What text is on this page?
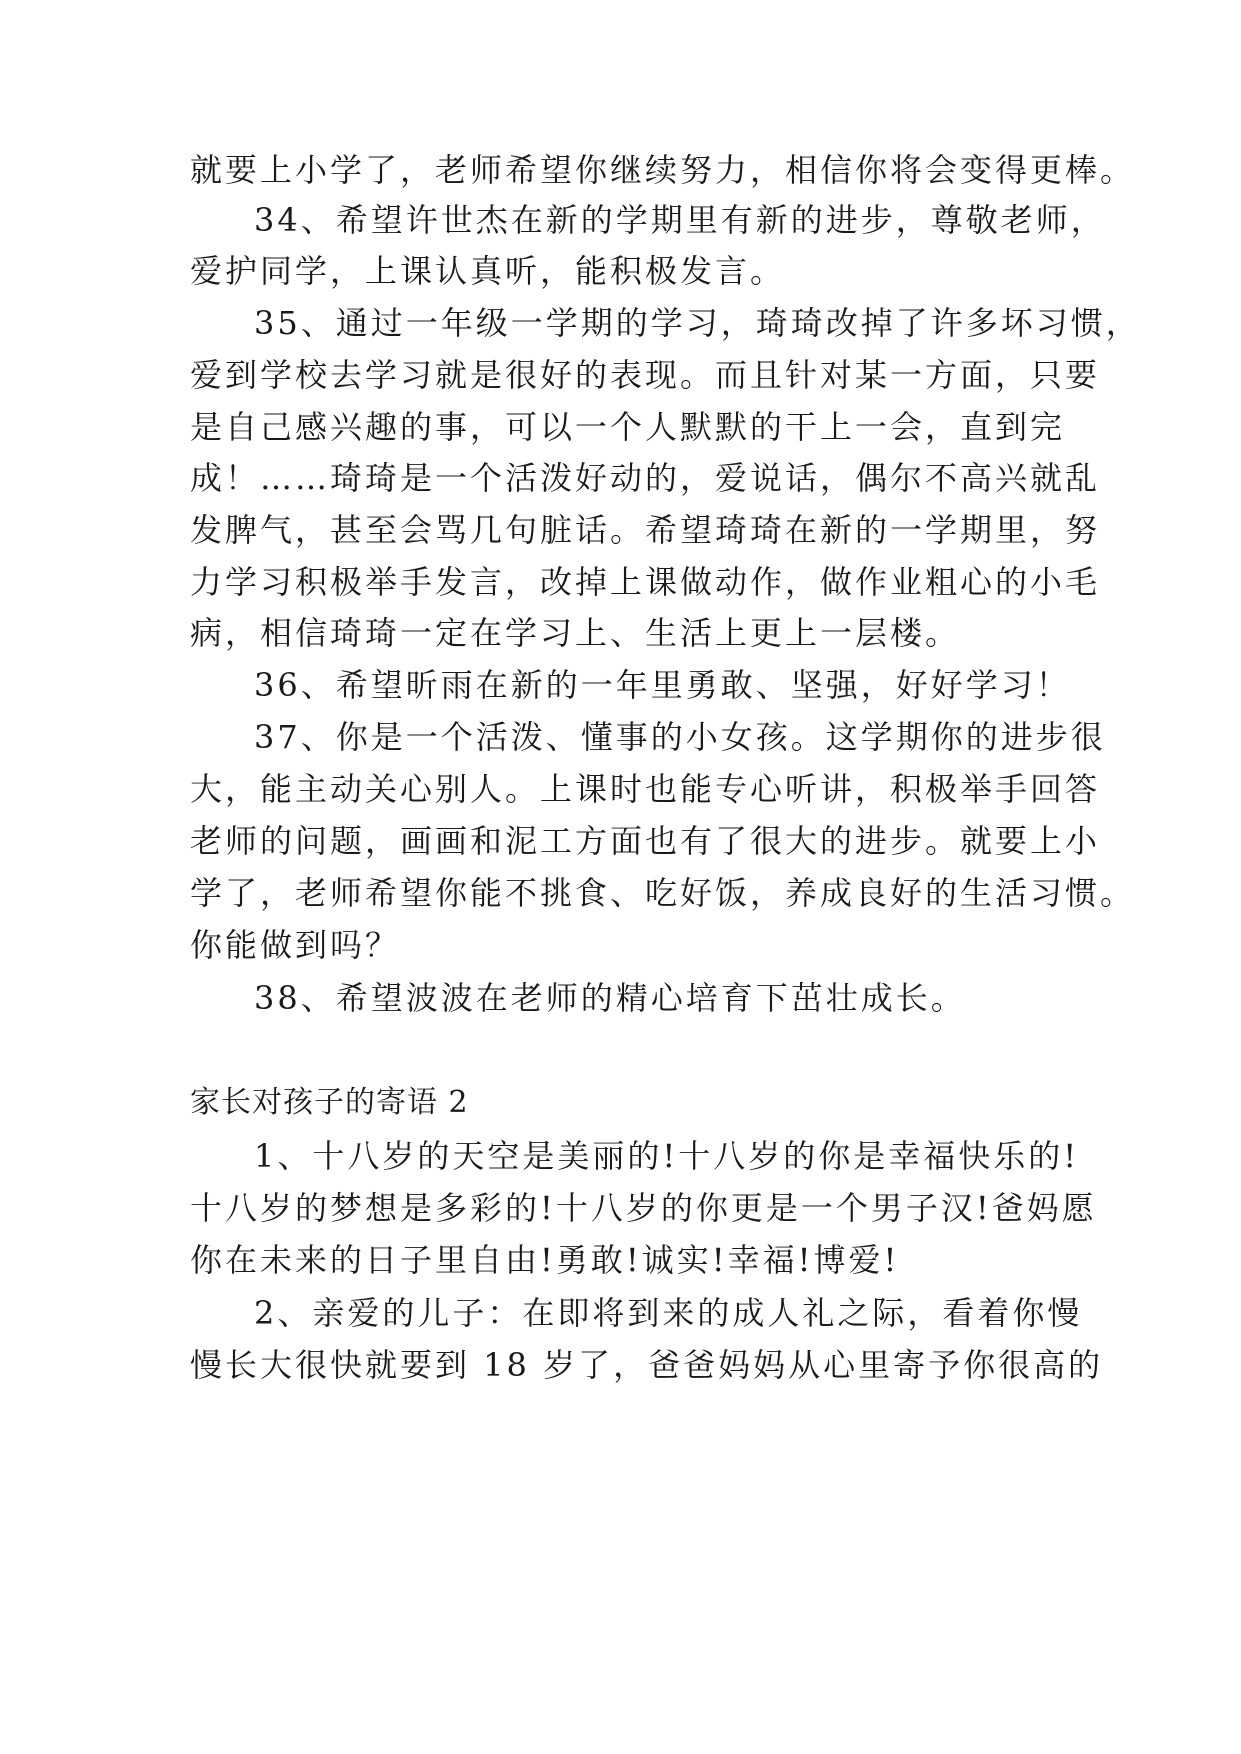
就要上小学了，老师希望你继续努力，相信你将会变得更棒。
34、希望许世杰在新的学期里有新的进步，尊敬老师，
爱护同学，上课认真听，能积极发言。
35、通过一年级一学期的学习，琦琦改掉了许多坏习惯，
爱到学校去学习就是很好的表现。而且针对某一方面，只要
是自己感兴趣的事，可以一个人默默的干上一会，直到完
成！……琦琦是一个活泼好动的，爱说话，偶尔不高兴就乱
发脾气，甚至会骂几句脏话。希望琦琦在新的一学期里，努
力学习积极举手发言，改掉上课做动作，做作业粗心的小毛
病，相信琦琦一定在学习上、生活上更上一层楼。
36、希望昕雨在新的一年里勇敢、坚强，好好学习！
37、你是一个活泼、懂事的小女孩。这学期你的进步很
大，能主动关心别人。上课时也能专心听讲，积极举手回答
老师的问题，画画和泥工方面也有了很大的进步。就要上小
学了，老师希望你能不挑食、吃好饭，养成良好的生活习惯。
你能做到吗？
38、希望波波在老师的精心培育下茁壮成长。
家长对孩子的寄语 2
1、十八岁的天空是美丽的!十八岁的你是幸福快乐的!
十八岁的梦想是多彩的!十八岁的你更是一个男子汉!爸妈愿
你在未来的日子里自由!勇敢!诚实!幸福!博爱!
2、亲爱的儿子：在即将到来的成人礼之际，看着你慢
慢长大很快就要到 18 岁了，爸爸妈妈从心里寄予你很高的
